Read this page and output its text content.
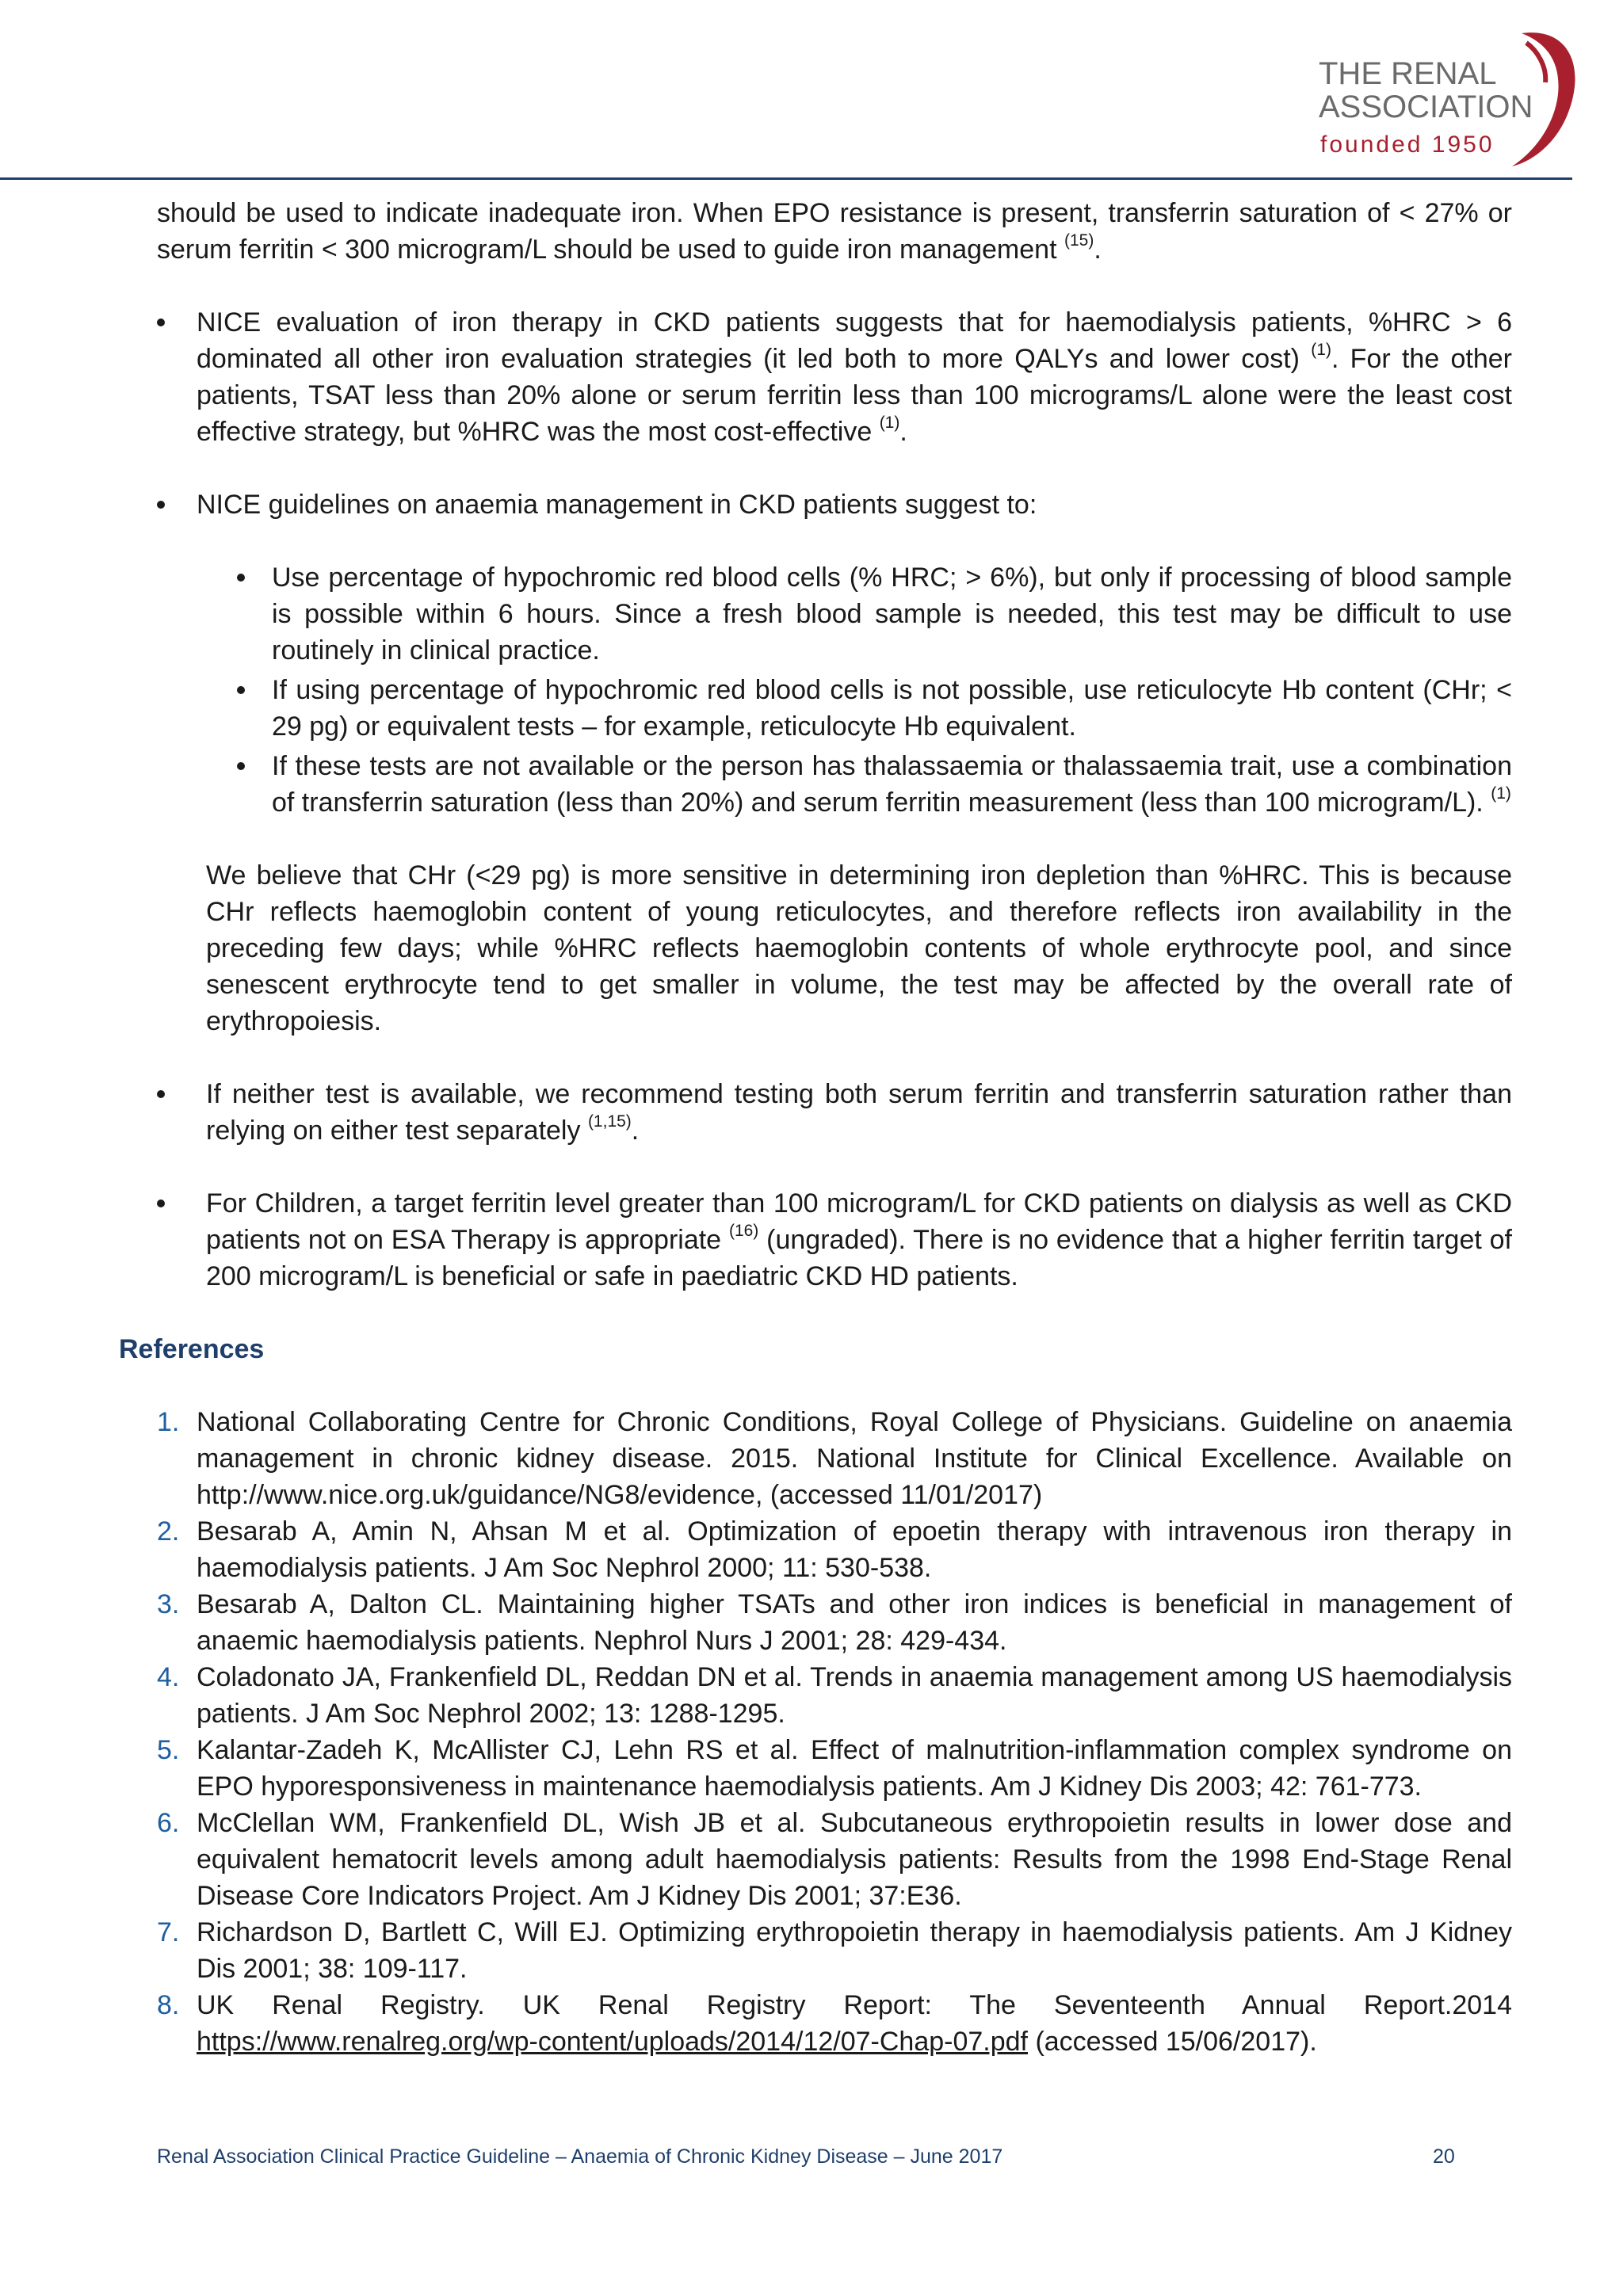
THE RENAL
ASSOCIATION
founded 1950

should be used to indicate inadequate iron. When EPO resistance is present, transferrin saturation of < 27% or serum ferritin < 300 microgram/L should be used to guide iron management $^{(15)}$.

NICE evaluation of iron therapy in CKD patients suggests that for haemodialysis patients, %HRC > 6 dominated all other iron evaluation strategies (it led both to more QALYs and lower cost) $^{(1)}$. For the other patients, TSAT less than 20% alone or serum ferritin less than 100 micrograms/L alone were the least cost effective strategy, but %HRC was the most cost-effective $^{(1)}$.

NICE guidelines on anaemia management in CKD patients suggest to:

Use percentage of hypochromic red blood cells (% HRC; > 6%), but only if processing of blood sample is possible within 6 hours. Since a fresh blood sample is needed, this test may be difficult to use routinely in clinical practice.

If using percentage of hypochromic red blood cells is not possible, use reticulocyte Hb content (CHr; < 29 pg) or equivalent tests – for example, reticulocyte Hb equivalent.

If these tests are not available or the person has thalassaemia or thalassaemia trait, use a combination of transferrin saturation (less than 20%) and serum ferritin measurement (less than 100 microgram/L). $^{(1)}$

We believe that CHr (<29 pg) is more sensitive in determining iron depletion than %HRC. This is because CHr reflects haemoglobin content of young reticulocytes, and therefore reflects iron availability in the preceding few days; while %HRC reflects haemoglobin contents of whole erythrocyte pool, and since senescent erythrocyte tend to get smaller in volume, the test may be affected by the overall rate of erythropoiesis.

If neither test is available, we recommend testing both serum ferritin and transferrin saturation rather than relying on either test separately $^{(1,15)}$.

For Children, a target ferritin level greater than 100 microgram/L for CKD patients on dialysis as well as CKD patients not on ESA Therapy is appropriate $^{(16)}$ (ungraded). There is no evidence that a higher ferritin target of 200 microgram/L is beneficial or safe in paediatric CKD HD patients.

References
1. National Collaborating Centre for Chronic Conditions, Royal College of Physicians. Guideline on anaemia management in chronic kidney disease. 2015. National Institute for Clinical Excellence. Available on http://www.nice.org.uk/guidance/NG8/evidence, (accessed 11/01/2017)

2. Besarab A, Amin N, Ahsan M et al. Optimization of epoetin therapy with intravenous iron therapy in haemodialysis patients. J Am Soc Nephrol 2000; 11: 530-538.

3. Besarab A, Dalton CL. Maintaining higher TSATs and other iron indices is beneficial in management of anaemic haemodialysis patients. Nephrol Nurs J 2001; 28: 429-434.

4. Coladonato JA, Frankenfield DL, Reddan DN et al. Trends in anaemia management among US haemodialysis patients. J Am Soc Nephrol 2002; 13: 1288-1295.

5. Kalantar-Zadeh K, McAllister CJ, Lehn RS et al. Effect of malnutrition-inflammation complex syndrome on EPO hyporesponsiveness in maintenance haemodialysis patients. Am J Kidney Dis 2003; 42: 761-773.

6. McClellan WM, Frankenfield DL, Wish JB et al. Subcutaneous erythropoietin results in lower dose and equivalent hematocrit levels among adult haemodialysis patients: Results from the 1998 End-Stage Renal Disease Core Indicators Project. Am J Kidney Dis 2001; 37:E36.

7. Richardson D, Bartlett C, Will EJ. Optimizing erythropoietin therapy in haemodialysis patients. Am J Kidney Dis 2001; 38: 109-117.

8. UK Renal Registry. UK Renal Registry Report: The Seventeenth Annual Report.2014 https://www.renalreg.org/wp-content/uploads/2014/12/07-Chap-07.pdf (accessed 15/06/2017).

Renal Association Clinical Practice Guideline – Anaemia of Chronic Kidney Disease – June 2017	20
